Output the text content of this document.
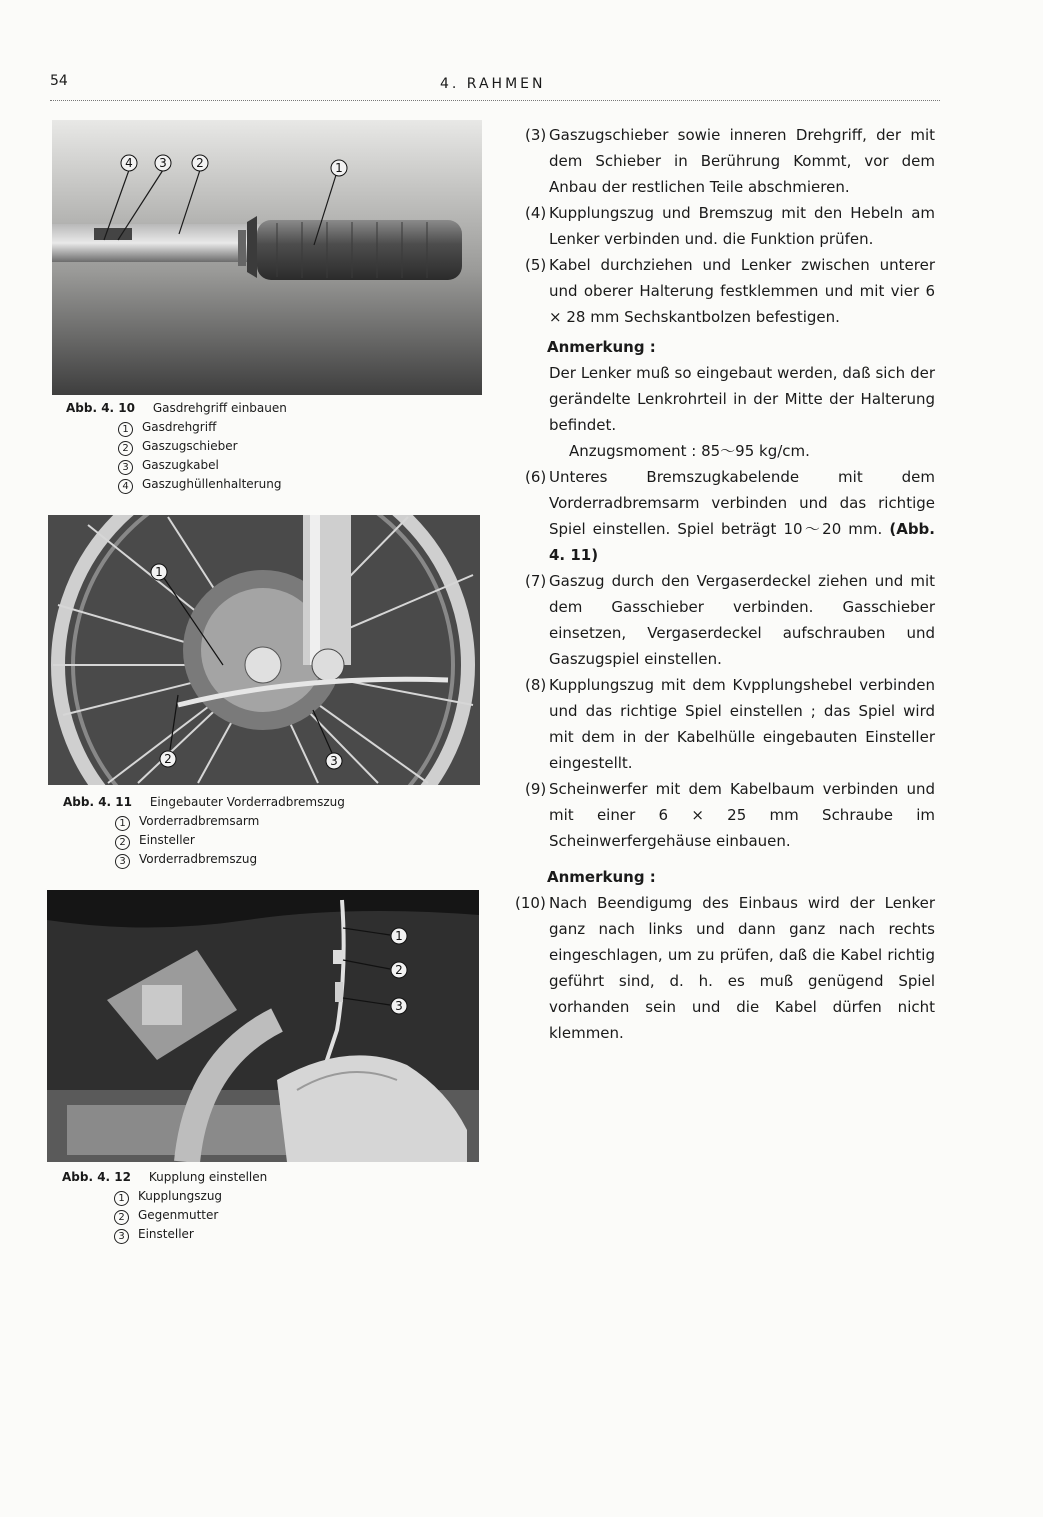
54	4. RAHMEN
4 3 2	1
Abb. 4. 10 Gasdrehgriff einbauen
1 Gasdrehgriff
2 Gaszugschieber
3 Gaszugkabel
4 Gaszughüllenhalterung
1
2	3
Abb. 4. 11 Eingebauter Vorderradbremszug
1 Vorderradbremsarm
2 Einsteller
3 Vorderradbremszug
1
2
3
Abb. 4. 12 Kupplung einstellen
1 Kupplungszug
2 Gegenmutter
3 Einsteller
(3) Gaszugschieber sowie inneren Drehgriff, der mit dem Schieber in Berührung Kommt, vor dem Anbau der restlichen Teile abschmieren.
(4) Kupplungszug und Bremszug mit den Hebeln am Lenker verbinden und. die Funktion prüfen.
(5) Kabel durchziehen und Lenker zwischen unterer und oberer Halterung festklemmen und mit vier 6 × 28 mm Sechskantbolzen befestigen.
Anmerkung :
Der Lenker muß so eingebaut werden, daß sich der gerändelte Lenkrohrteil in der Mitte der Halterung befindet.
Anzugsmoment : 85〜95 kg/cm.
(6) Unteres Bremszugkabelende mit dem Vorderradbremsarm verbinden und das richtige Spiel einstellen. Spiel beträgt 10〜20 mm. (Abb. 4. 11)
(7) Gaszug durch den Vergaserdeckel ziehen und mit dem Gasschieber verbinden. Gasschieber einsetzen, Vergaserdeckel aufschrauben und Gaszugspiel einstellen.
(8) Kupplungszug mit dem Kvpplungshebel verbinden und das richtige Spiel einstellen ; das Spiel wird mit dem in der Kabelhülle eingebauten Einsteller eingestellt.
(9) Scheinwerfer mit dem Kabelbaum verbinden und mit einer 6 × 25 mm Schraube im Scheinwerfergehäuse einbauen.
Anmerkung :
(10) Nach Beendigumg des Einbaus wird der Lenker ganz nach links und dann ganz nach rechts eingeschlagen, um zu prüfen, daß die Kabel richtig geführt sind, d. h. es muß genügend Spiel vorhanden sein und die Kabel dürfen nicht klemmen.
